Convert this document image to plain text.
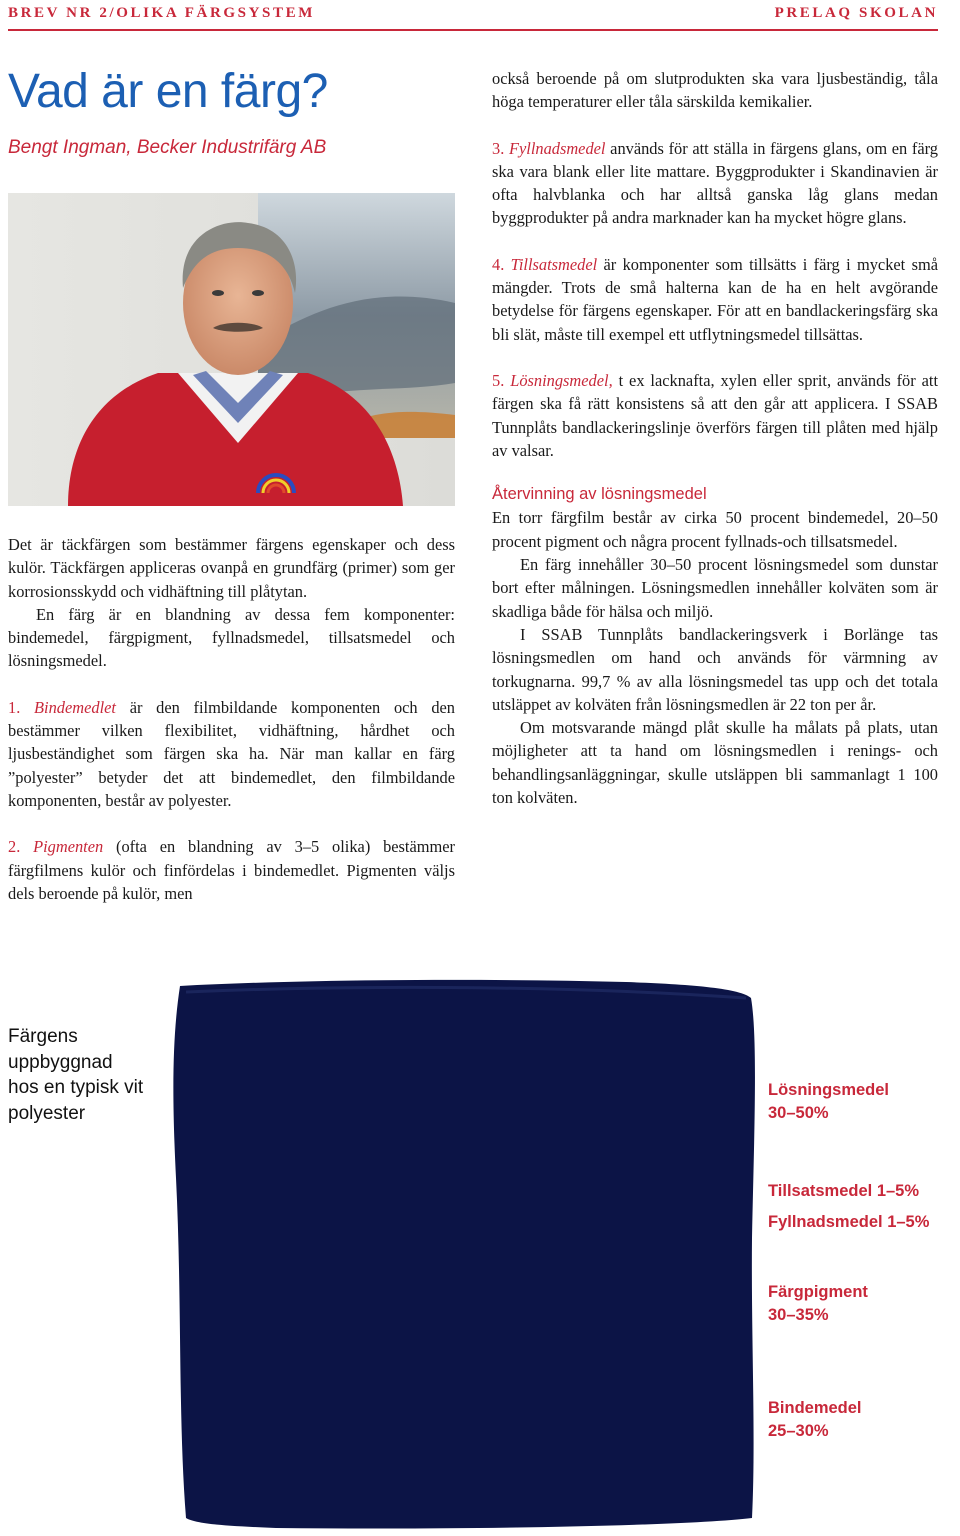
BREV NR 2/OLIKA FÄRGSYSTEM	PRELAQ SKOLAN
Vad är en färg?
Bengt Ingman, Becker Industrifärg AB

Det är täckfärgen som bestämmer färgens egenskaper och dess kulör. Täckfärgen appliceras ovanpå en grundfärg (primer) som ger korrosionsskydd och vidhäftning till plåtytan.

En färg är en blandning av dessa fem komponenter: bindemedel, färgpigment, fyllnadsmedel, tillsatsmedel och lösningsmedel.

1. Bindemedlet är den filmbildande komponenten och den bestämmer vilken flexibilitet, vidhäftning, hårdhet och ljusbeständighet som färgen ska ha. När man kallar en färg ”polyester” betyder det att bindemedlet, den filmbildande komponenten, består av polyester.

2. Pigmenten (ofta en blandning av 3–5 olika) bestämmer färgfilmens kulör och finfördelas i bindemedlet. Pigmenten väljs dels beroende på kulör, men

också beroende på om slutprodukten ska vara ljusbeständig, tåla höga temperaturer eller tåla särskilda kemikalier.

3. Fyllnadsmedel används för att ställa in färgens glans, om en färg ska vara blank eller lite mattare. Byggprodukter i Skandinavien är ofta halvblanka och har alltså ganska låg glans medan byggprodukter på andra marknader kan ha mycket högre glans.

4. Tillsatsmedel är komponenter som tillsätts i färg i mycket små mängder. Trots de små halterna kan de ha en helt avgörande betydelse för färgens egenskaper. För att en bandlackeringsfärg ska bli slät, måste till exempel ett utflytningsmedel tillsättas.

5. Lösningsmedel, t ex lacknafta, xylen eller sprit, används för att färgen ska få rätt konsistens så att den går att applicera. I SSAB Tunnplåts bandlackeringslinje överförs färgen till plåten med hjälp av valsar.

Återvinning av lösningsmedel

En torr färgfilm består av cirka 50 procent bindemedel, 20–50 procent pigment och några procent fyllnads-och tillsatsmedel.

En färg innehåller 30–50 procent lösningsmedel som dunstar bort efter målningen. Lösningsmedlen innehåller kolväten som är skadliga både för hälsa och miljö.

I SSAB Tunnplåts bandlackeringsverk i Borlänge tas lösningsmedlen om hand och används för värmning av torkugnarna. 99,7 % av alla lösningsmedel tas upp och det totala utsläppet av kolväten från lösningsmedlen är 22 ton per år.

Om motsvarande mängd plåt skulle ha målats på plats, utan möjligheter att ta hand om lösningsmedlen i renings- och behandlingsanläggningar, skulle utsläppen bli sammanlagt 1 100 ton kolväten.

Färgens uppbyggnad hos en typisk vit polyester
Lösningsmedel
30–50%
Tillsatsmedel 1–5%
Fyllnadsmedel 1–5%
Färgpigment
30–35%
Bindemedel
25–30%
